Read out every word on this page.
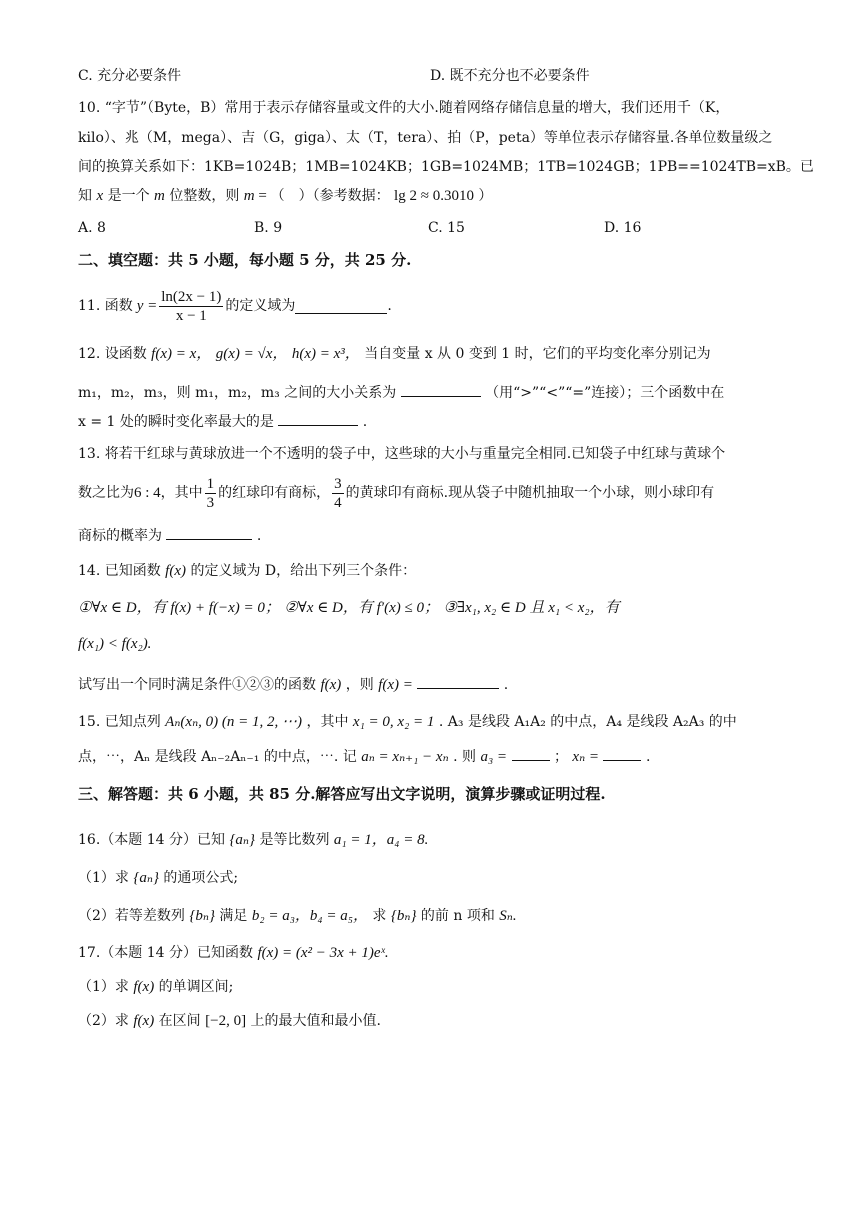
C. 充分必要条件	D. 既不充分也不必要条件
10. “字节”（Byte，B）常用于表示存储容量或文件的大小.随着网络存储信息量的增大，我们还用千（K，
kilo）、兆（M，mega）、吉（G，giga）、太（T，tera）、拍（P，peta）等单位表示存储容量.各单位数量级之
间的换算关系如下：1KB=1024B；1MB=1024KB；1GB=1024MB；1TB=1024GB；1PB==1024TB=xB。已
知 x 是一个 m 位整数，则 m = （　）（参考数据： lg 2 ≈ 0.3010 ）
A. 8	B. 9	C. 15	D. 16
二、填空题：共 5 小题，每小题 5 分，共 25 分.
11. 函数 $y = \frac{\ln(2x - 1)}{x - 1}$ 的定义域为	.
12. 设函数 f(x) = x， g(x) = √x， h(x) = x³， 当自变量 x 从 0 变到 1 时，它们的平均变化率分别记为
m₁，m₂，m₃，则 m₁，m₂，m₃ 之间的大小关系为	（用“>”“<”“=”连接）；三个函数中在
x = 1 处的瞬时变化率最大的是	.
13. 将若干红球与黄球放进一个不透明的袋子中，这些球的大小与重量完全相同.已知袋子中红球与黄球个
数之比为 6 : 4 ，其中 $\frac{1}{3}$ 的红球印有商标， $\frac{3}{4}$ 的黄球印有商标.现从袋子中随机抽取一个小球，则小球印有
商标的概率为	.
14. 已知函数 f(x) 的定义域为 D，给出下列三个条件：
①∀x ∈ D，有 f(x) + f(−x) = 0； ②∀x ∈ D，有 f′(x) ≤ 0； ③∃x₁, x₂ ∈ D 且 x₁ < x₂，有
f(x₁) < f(x₂).
试写出一个同时满足条件①②③的函数 f(x) ，则 f(x) =	.
15. 已知点列 Aₙ(xₙ, 0) (n = 1, 2, ⋯) ，其中 x₁ = 0, x₂ = 1 . A₃ 是线段 A₁A₂ 的中点，A₄ 是线段 A₂A₃ 的中
点，⋯，Aₙ 是线段 Aₙ₋₂Aₙ₋₁ 的中点，⋯. 记 aₙ = xₙ₊₁ − xₙ . 则 a₃ =	； xₙ =	.
三、解答题：共 6 小题，共 85 分.解答应写出文字说明，演算步骤或证明过程.
16.（本题 14 分）已知 {aₙ} 是等比数列 a₁ = 1，a₄ = 8.
（1）求 {aₙ} 的通项公式;
（2）若等差数列 {bₙ} 满足 b₂ = a₃，b₄ = a₅， 求 {bₙ} 的前 n 项和 Sₙ.
17.（本题 14 分）已知函数 f(x) = (x² − 3x + 1)eˣ.
（1）求 f(x) 的单调区间;
（2）求 f(x) 在区间 [−2, 0] 上的最大值和最小值.
